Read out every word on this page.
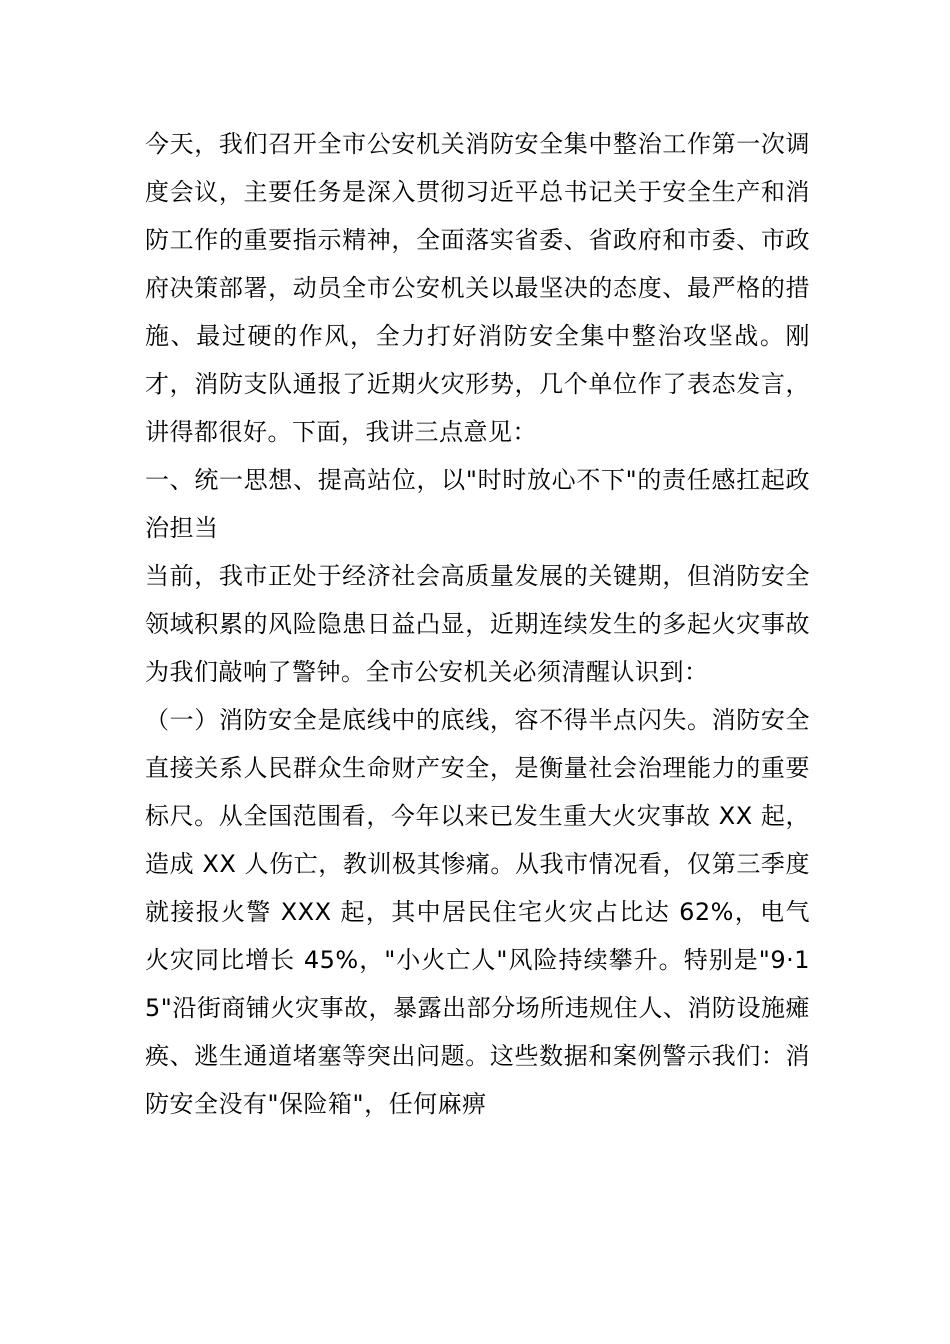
今天，我们召开全市公安机关消防安全集中整治工作第一次调度会议，主要任务是深入贯彻习近平总书记关于安全生产和消防工作的重要指示精神，全面落实省委、省政府和市委、市政府决策部署，动员全市公安机关以最坚决的态度、最严格的措施、最过硬的作风，全力打好消防安全集中整治攻坚战。刚才，消防支队通报了近期火灾形势，几个单位作了表态发言，讲得都很好。下面，我讲三点意见：

一、统一思想、提高站位，以"时时放心不下"的责任感扛起政治担当

当前，我市正处于经济社会高质量发展的关键期，但消防安全领域积累的风险隐患日益凸显，近期连续发生的多起火灾事故为我们敲响了警钟。全市公安机关必须清醒认识到：

（一）消防安全是底线中的底线，容不得半点闪失。消防安全直接关系人民群众生命财产安全，是衡量社会治理能力的重要标尺。从全国范围看，今年以来已发生重大火灾事故 XX 起，造成 XX 人伤亡，教训极其惨痛。从我市情况看，仅第三季度就接报火警 XXX 起，其中居民住宅火灾占比达 62%，电气火灾同比增长 45%，"小火亡人"风险持续攀升。特别是"9·15"沿街商铺火灾事故，暴露出部分场所违规住人、消防设施瘫痪、逃生通道堵塞等突出问题。这些数据和案例警示我们：消防安全没有"保险箱"，任何麻痹
